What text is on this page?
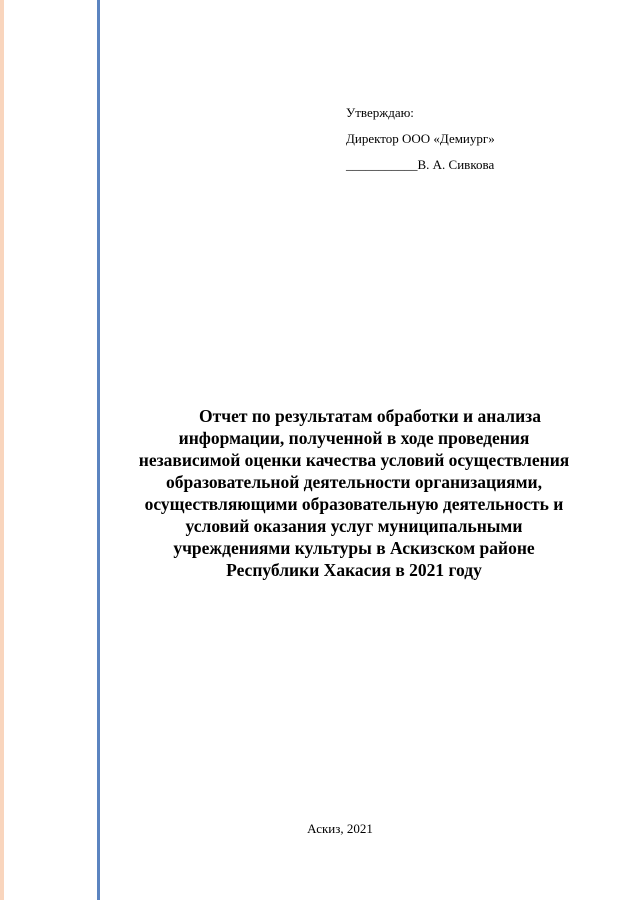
Утверждаю:
Директор ООО «Демиург»
___________В. А. Сивкова
Отчет по результатам обработки и анализа
информации, полученной в ходе проведения
независимой оценки качества условий осуществления
образовательной деятельности организациями,
осуществляющими образовательную деятельность и
условий оказания услуг муниципальными
учреждениями культуры в Аскизском районе
Республики Хакасия в 2021 году
Аскиз, 2021
